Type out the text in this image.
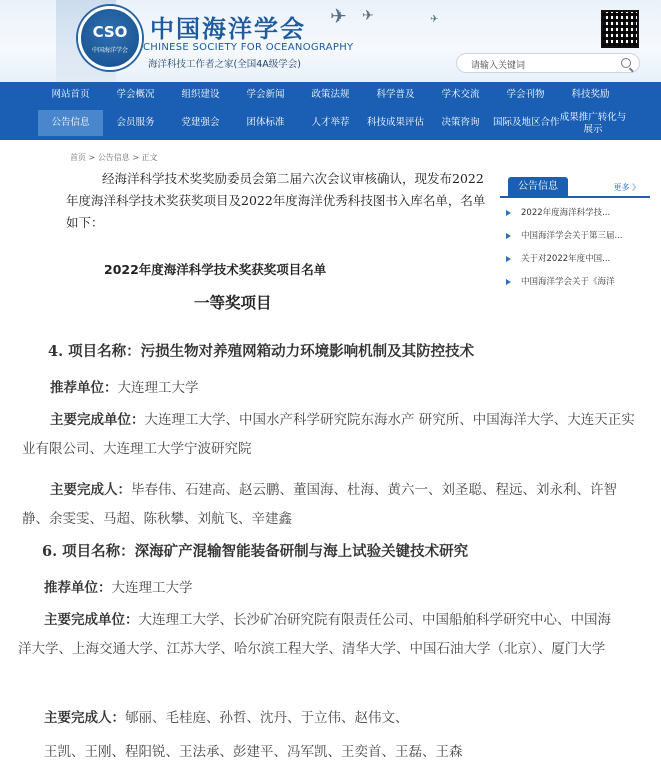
CSO
中国海洋学会
中国海洋学会
CHINESE SOCIETY FOR OCEANOGRAPHY
海洋科技工作者之家(全国4A级学会)
✈ ✈	✈
请输入关键词
网站首页	学会概况	组织建设	学会新闻	政策法规	科学普及	学术交流	学会刊物	科技奖励
公告信息	会员服务	党建强会	团体标准	人才举荐	科技成果评估	决策咨询	国际及地区合作 成果推广转化与展示
首页 > 公告信息 > 正文
公告信息	更多 》
2022年度海洋科学技...
中国海洋学会关于第三届...
关于对2022年度中国...
中国海洋学会关于《海洋

经海洋科学技术奖奖励委员会第二届六次会议审核确认，现发布2022年度海洋科学技术奖获奖项目及2022年度海洋优秀科技图书入库名单，名单如下：

2022年度海洋科学技术奖获奖项目名单
一等奖项目
4. 项目名称：污损生物对养殖网箱动力环境影响机制及其防控技术
推荐单位：大连理工大学
主要完成单位：大连理工大学、中国水产科学研究院东海水产 研究所、中国海洋大学、大连天正实业有限公司、大连理工大学宁波研究院
主要完成人：毕春伟、石建高、赵云鹏、董国海、杜海、黄六一、刘圣聪、程远、刘永利、许智静、余雯雯、马超、陈秋攀、刘航飞、辛建鑫
6. 项目名称：深海矿产混输智能装备研制与海上试验关键技术研究
推荐单位：大连理工大学
主要完成单位：大连理工大学、长沙矿冶研究院有限责任公司、中国船舶科学研究中心、中国海洋大学、上海交通大学、江苏大学、哈尔滨工程大学、清华大学、中国石油大学（北京）、厦门大学
主要完成人：郇丽、毛桂庭、孙哲、沈丹、于立伟、赵伟文、
王凯、王刚、程阳锐、王法承、彭建平、冯军凯、王奕首、王磊、王森
